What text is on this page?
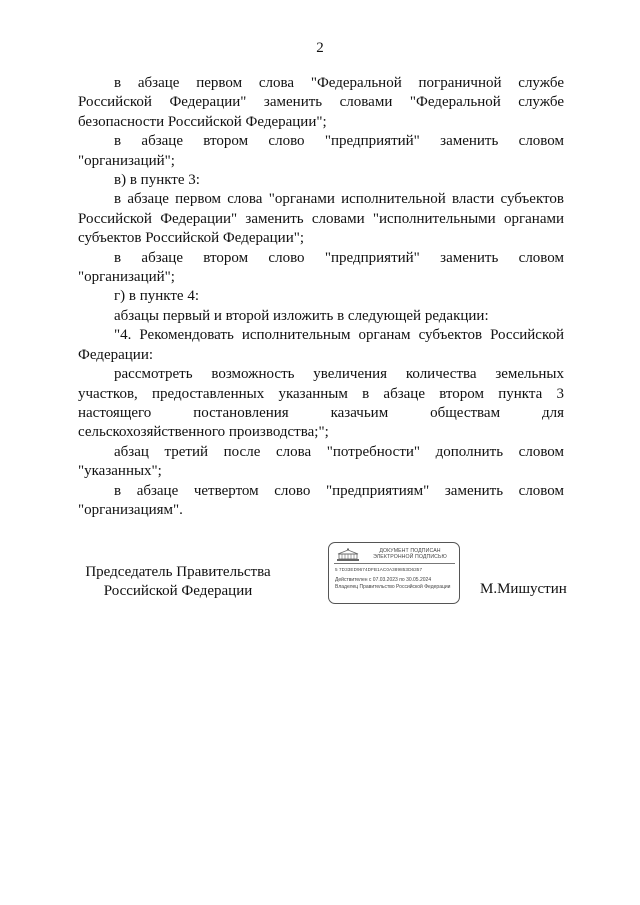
2

в абзаце первом слова "Федеральной пограничной службе
Российской Федерации" заменить словами "Федеральной службе
безопасности Российской Федерации";

в абзаце втором слово "предприятий" заменить словом
"организаций";

в) в пункте 3:

в абзаце первом слова "органами исполнительной власти субъектов
Российской Федерации" заменить словами "исполнительными органами
субъектов Российской Федерации";

в абзаце втором слово "предприятий" заменить словом
"организаций";

г) в пункте 4:

абзацы первый и второй изложить в следующей редакции:

"4. Рекомендовать исполнительным органам субъектов Российской
Федерации:

рассмотреть возможность увеличения количества земельных
участков, предоставленных указанным в абзаце втором пункта 3
настоящего постановления казачьим обществам для
сельскохозяйственного производства;";

абзац третий после слова "потребности" дополнить словом
"указанных";

в абзаце четвертом слово "предприятиям" заменить словом
"организациям".

Председатель Правительства
Российской Федерации
ДОКУМЕНТ ПОДПИСАН
ЭЛЕКТРОННОЙ ПОДПИСЬЮ
5 7D33ED9674DFB1AC0A389853D6357
Действителен с 07.03.2023 по 30.05.2024
Владелец Правительство Российской Федерации	М.Мишустин
